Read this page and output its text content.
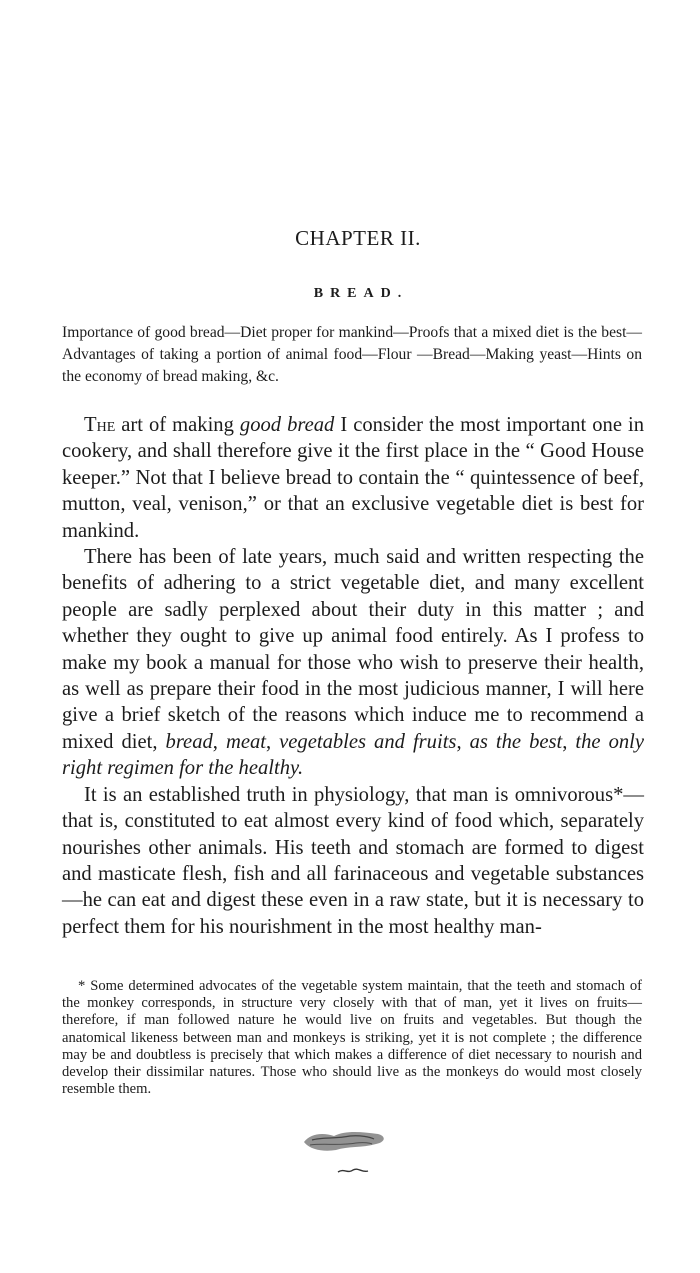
CHAPTER II.
BREAD.

Importance of good bread—Diet proper for mankind—Proofs that a mixed diet is the best—Advantages of taking a portion of animal food—Flour —Bread—Making yeast—Hints on the economy of bread making, &c.

The art of making good bread I consider the most important one in cookery, and shall therefore give it the first place in the “ Good House keeper.” Not that I believe bread to contain the “ quintessence of beef, mutton, veal, venison,” or that an exclusive vegetable diet is best for mankind.

There has been of late years, much said and written respecting the benefits of adhering to a strict vegetable diet, and many excellent people are sadly perplexed about their duty in this matter ; and whether they ought to give up animal food entirely. As I profess to make my book a manual for those who wish to preserve their health, as well as prepare their food in the most judicious manner, I will here give a brief sketch of the reasons which induce me to recommend a mixed diet, bread, meat, vegetables and fruits, as the best, the only right regimen for the healthy.

It is an established truth in physiology, that man is omnivorous*—that is, constituted to eat almost every kind of food which, separately nourishes other animals. His teeth and stomach are formed to digest and masticate flesh, fish and all farinaceous and vegetable substances—he can eat and digest these even in a raw state, but it is necessary to perfect them for his nourishment in the most healthy man-

* Some determined advocates of the vegetable system maintain, that the teeth and stomach of the monkey corresponds, in structure very closely with that of man, yet it lives on fruits—therefore, if man followed nature he would live on fruits and vegetables. But though the anatomical likeness between man and monkeys is striking, yet it is not complete ; the difference may be and doubtless is precisely that which makes a difference of diet necessary to nourish and develop their dissimilar natures. Those who should live as the monkeys do would most closely resemble them.
